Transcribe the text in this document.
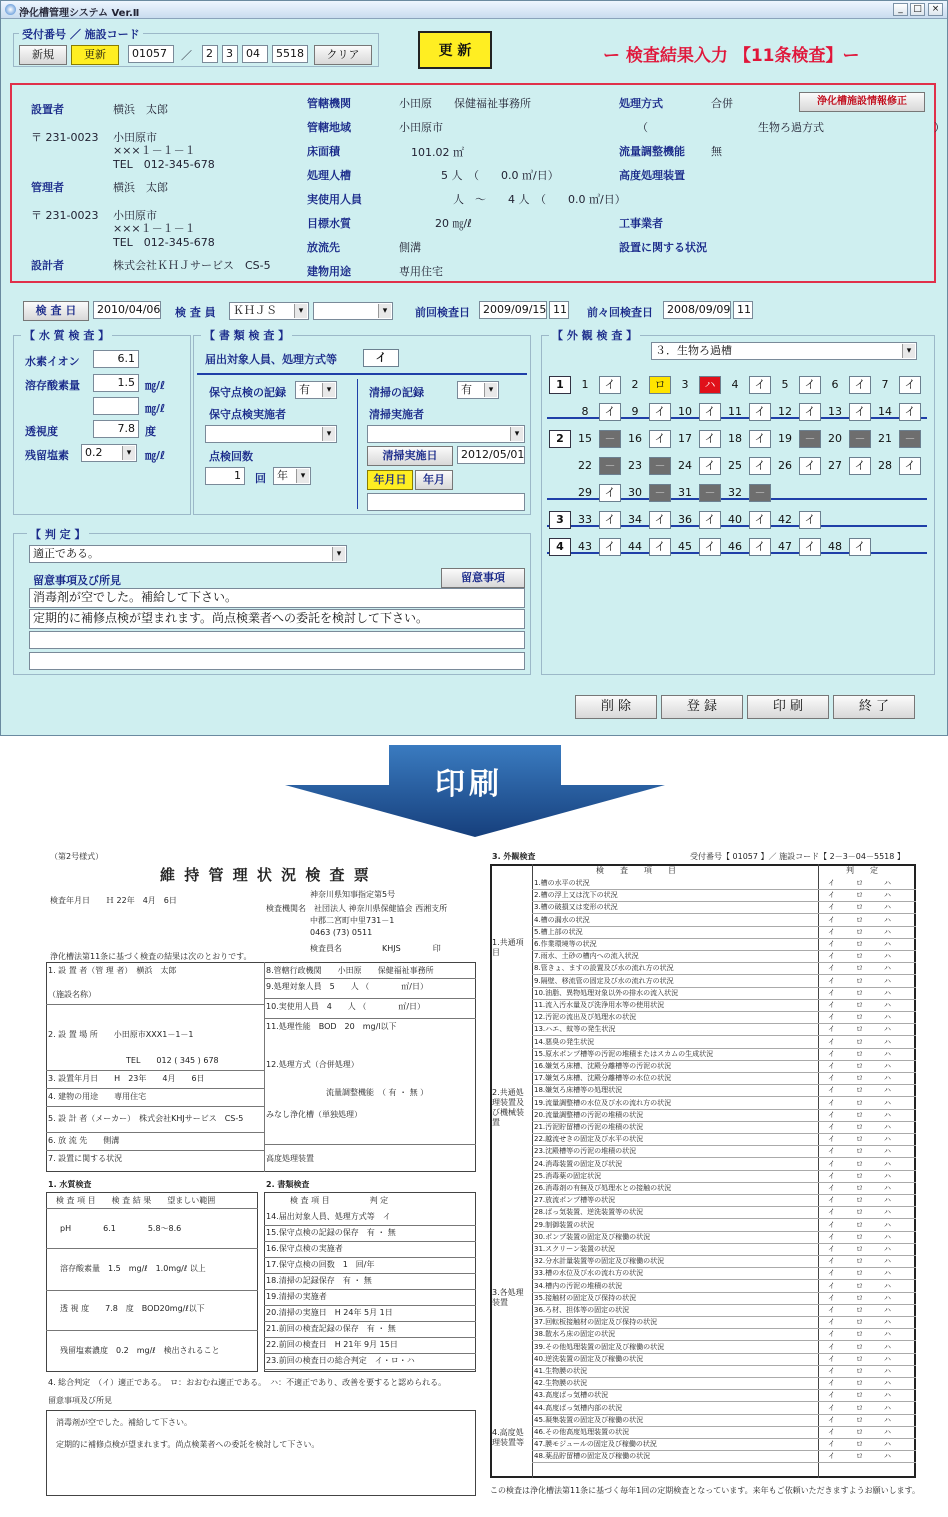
浄化槽管理システム Ver.Ⅱ	_	□	×
受付番号 ／ 施設コード
新規	更新	01057	／	2	3	04	5518	クリア	更 新	ー 検査結果入力 【11条検査】ー
設置者	横浜　太郎
〒 231-0023 小田原市
×××１－１－１
TEL　012-345-678
管理者	横浜　太郎
〒 231-0023 小田原市
×××１－１－１
TEL　012-345-678
設計者	株式会社ＫＨＪサービス　CS-5
管轄機関	小田原　　保健福祉事務所
管轄地域	小田原市
床面積	101.02 ㎡
処理人槽	5 人　（　　0.0 ㎥/日）
実使用人員	人　～　　4 人　（　　0.0 ㎥/日）
目標水質	20 ㎎/ℓ
放流先	側溝
建物用途	専用住宅
処理方式	合併	浄化槽施設情報修正
（　　　　　　　　　　生物ろ過方式　　　　　　　　　　）
流量調整機能 無
高度処理装置
工事業者
設置に関する状況
検 査 日	2010/04/06 検 査 員	ＫＨＪＳ ▾
▾	前回検査日	2009/09/15 11 前々回検査日	2008/09/09 11
【 水 質 検 査 】
水素イオン	6.1
溶存酸素量	1.5 ㎎/ℓ
㎎/ℓ
透視度	7.8 度
残留塩素	0.2 ▾	㎎/ℓ
【 書 類 検 査 】
届出対象人員、処理方式等	イ
保守点検の記録	有 ▾
保守点検実施者
▾
点検回数
1	回	年 ▾
清掃の記録	有 ▾
清掃実施者
▾
清掃実施日	2012/05/01
年月日	年月
【 判 定 】
適正である。 ▾
留意事項及び所見	留意事項
消毒剤が空でした。補給して下さい。
定期的に補修点検が望まれます。尚点検業者への委託を検討して下さい。
【 外 観 検 査 】
３．生物ろ過槽 ▾
1	1	イ	2	ロ	3	ハ	4	イ	5	イ	6	イ	7	イ
8	イ	9	イ	10	イ	11	イ	12	イ	13	イ	14	イ
2	15	－	16	イ	17	イ	18	イ	19	－	20	－	21	－
22	－	23	－	24	イ	25	イ	26	イ	27	イ	28	イ
29	イ	30	－	31	－	32	－
3	33	イ	34	イ	36	イ	40	イ	42	イ
4	43	イ	44	イ	45	イ	46	イ	47	イ	48	イ
削 除	登 録	印 刷	終 了
印刷
（第2号様式）
維 持 管 理 状 況 検 査 票
検査年月日　　Ｈ 22年　4月　6日
神奈川県知事指定第5号
検査機関名　社団法人 神奈川県保健協会 西湘支所
中郡二宮町中里731－1
0463 (73) 0511
検査員名　　　　　KHJS　　　　印
浄化槽法第11条に基づく検査の結果は次のとおりです。
1. 設 置 者（管 理 者）　横浜　太郎
（施設名称）
2. 設 置 場 所　　小田原市XXX1－1－1
TEL　　012 ( 345 ) 678
3. 設置年月日　　H　23年　　4月　　6日
4. 建物の用途　　専用住宅
5. 設 計 者（メーカー）　株式会社KHJサービス　CS-5
6. 放 流 先　　側溝
7. 設置に関する状況
8.管轄行政機関　　小田原　　保健福祉事務所
9.処理対象人員　5　　人 （　　　　㎥/日）
10.実使用人員　4　　人 （　　　　㎥/日）
11.処理性能　BOD　20　mg/l以下
12.処理方式（合併処理）
流量調整機能　（ 有 ・ 無 ）
みなし浄化槽（単独処理）
高度処理装置
1. 水質検査
検 査 項 目　　検 査 結 果　　望ましい範囲
pH　　　　6.1　　　　5.8～8.6
溶存酸素量　1.5　mg/ℓ　1.0mg/ℓ 以上
透 視 度　　7.8　度　BOD20mg/ℓ以下
残留塩素濃度　0.2　mg/ℓ　検出されること
2. 書類検査
検 査 項 目　　　　　判 定
4. 総合判定　（イ）適正である。　ロ：おおむね適正である。　ハ：不適正であり、改善を要すると認められる。
留意事項及び所見
消毒剤が空でした。補給して下さい。
定期的に補修点検が望まれます。尚点検業者への委託を検討して下さい。
14.届出対象人員、処理方式等　イ
15.保守点検の記録の保存　有 ・ 無
16.保守点検の実施者
17.保守点検の回数　1　回/年
18.清掃の記録保存　有 ・ 無
19.清掃の実施者
20.清掃の実施日　H 24年 5月 1日
21.前回の検査記録の保存　有 ・ 無
22.前回の検査日　H 21年 9月 15日
23.前回の検査日の総合判定　イ・ロ・ハ
3. 外観検査	受付番号【 01057 】／ 施設コード【 2－3－04－5518 】
検　　査　　項　　目	判　　定
1.共通項目
2.共通処理装置及び機械装置
3.各処理装置
4.高度処理装置等
この検査は浄化槽法第11条に基づく毎年1回の定期検査となっています。来年もご依頼いただきますようお願いします。
1.槽の水平の状況	イ　　　ロ　　　ハ
2.槽の浮上又は沈下の状況	イ　　　ロ　　　ハ
3.槽の破損又は変形の状況	イ　　　ロ　　　ハ
4.槽の漏水の状況	イ　　　ロ　　　ハ
5.槽上部の状況	イ　　　ロ　　　ハ
6.作業環境等の状況	イ　　　ロ　　　ハ
7.雨水、土砂の槽内への流入状況	イ　　　ロ　　　ハ
8.管きょ、ますの設置及び水の流れ方の状況	イ　　　ロ　　　ハ
9.隔壁、移流管の固定及び水の流れ方の状況	イ　　　ロ　　　ハ
10.油脂、異物処理対象以外の排水の流入状況	イ　　　ロ　　　ハ
11.流入汚水量及び洗浄用水等の使用状況	イ　　　ロ　　　ハ
12.汚泥の流出及び処理水の状況	イ　　　ロ　　　ハ
13.ハエ、蚊等の発生状況	イ　　　ロ　　　ハ
14.悪臭の発生状況	イ　　　ロ　　　ハ
15.原水ポンプ槽等の汚泥の堆積またはスカムの生成状況	イ　　　ロ　　　ハ
16.嫌気ろ床槽、沈殿分離槽等の汚泥の状況	イ　　　ロ　　　ハ
17.嫌気ろ床槽、沈殿分離槽等の水位の状況	イ　　　ロ　　　ハ
18.嫌気ろ床槽等の処理状況	イ　　　ロ　　　ハ
19.流量調整槽の水位及び水の流れ方の状況	イ　　　ロ　　　ハ
20.流量調整槽の汚泥の堆積の状況	イ　　　ロ　　　ハ
21.汚泥貯留槽の汚泥の堆積の状況	イ　　　ロ　　　ハ
22.越流せきの固定及び水平の状況	イ　　　ロ　　　ハ
23.沈殿槽等の汚泥の堆積の状況	イ　　　ロ　　　ハ
24.消毒装置の固定及び状況	イ　　　ロ　　　ハ
25.消毒薬の固定状況	イ　　　ロ　　　ハ
26.消毒剤の有無及び処理水との接触の状況	イ　　　ロ　　　ハ
27.放流ポンプ槽等の状況	イ　　　ロ　　　ハ
28.ばっ気装置、逆洗装置等の状況	イ　　　ロ　　　ハ
29.制御装置の状況	イ　　　ロ　　　ハ
30.ポンプ装置の固定及び稼働の状況	イ　　　ロ　　　ハ
31.スクリーン装置の状況	イ　　　ロ　　　ハ
32.分水計量装置等の固定及び稼働の状況	イ　　　ロ　　　ハ
33.槽の水位及び水の流れ方の状況	イ　　　ロ　　　ハ
34.槽内の汚泥の堆積の状況	イ　　　ロ　　　ハ
35.接触材の固定及び保持の状況	イ　　　ロ　　　ハ
36.ろ材、担体等の固定の状況	イ　　　ロ　　　ハ
37.回転板接触材の固定及び保持の状況	イ　　　ロ　　　ハ
38.散水ろ床の固定の状況	イ　　　ロ　　　ハ
39.その他処理装置の固定及び稼働の状況	イ　　　ロ　　　ハ
40.逆洗装置の固定及び稼働の状況	イ　　　ロ　　　ハ
41.生物膜の状況	イ　　　ロ　　　ハ
42.生物膜の状況	イ　　　ロ　　　ハ
43.高度ばっ気槽の状況	イ　　　ロ　　　ハ
44.高度ばっ気槽内部の状況	イ　　　ロ　　　ハ
45.凝集装置の固定及び稼働の状況	イ　　　ロ　　　ハ
46.その他高度処理装置の状況	イ　　　ロ　　　ハ
47.膜モジュールの固定及び稼働の状況	イ　　　ロ　　　ハ
48.薬品貯留槽の固定及び稼働の状況	イ　　　ロ　　　ハ
